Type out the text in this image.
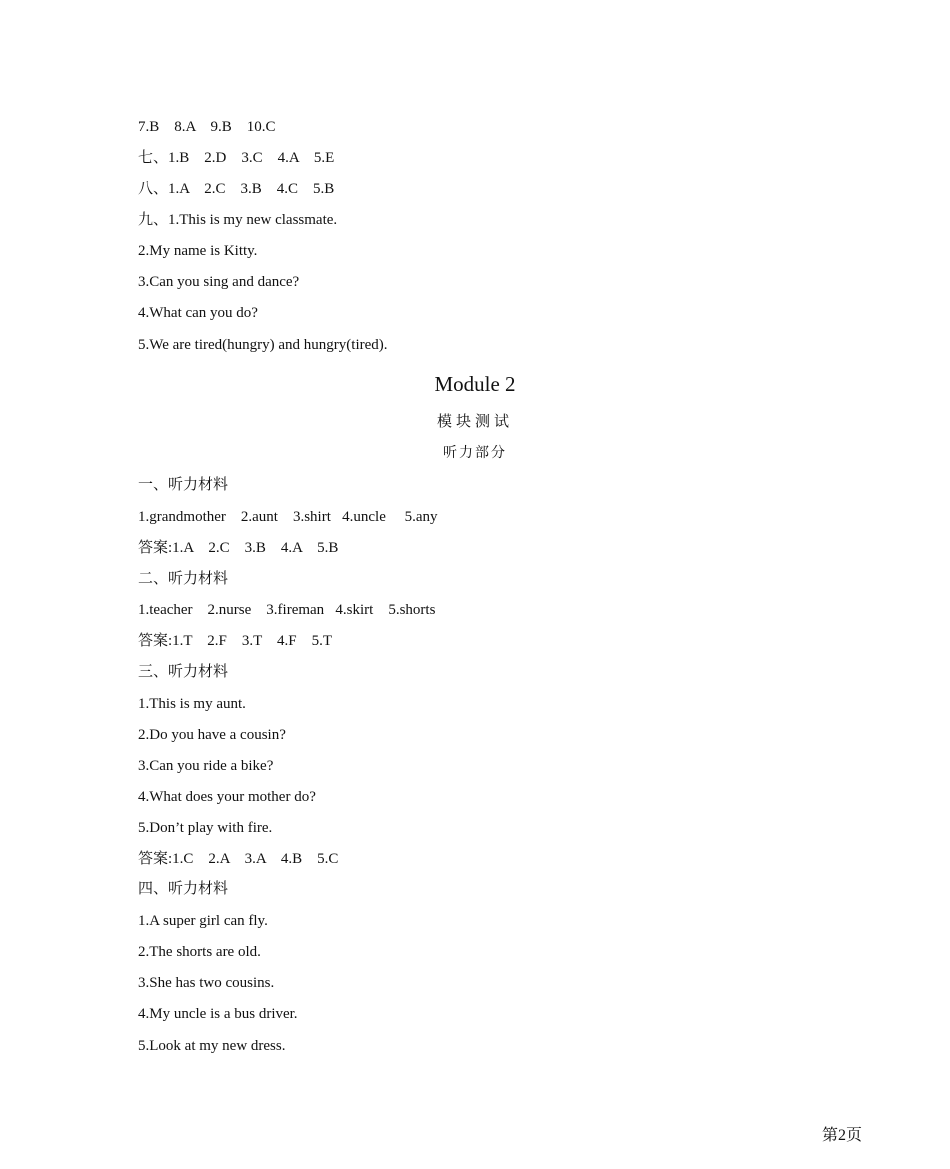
7.B    8.A    9.B    10.C
七、1.B    2.D    3.C    4.A    5.E
八、1.A    2.C    3.B    4.C    5.B
九、1.This is my new classmate.
2.My name is Kitty.
3.Can you sing and dance?
4.What can you do?
5.We are tired(hungry) and hungry(tired).
Module 2
模块测试
听力部分
一、听力材料
1.grandmother    2.aunt    3.shirt   4.uncle     5.any
答案:1.A    2.C    3.B    4.A    5.B
二、听力材料
1.teacher    2.nurse    3.fireman   4.skirt    5.shorts
答案:1.T    2.F    3.T    4.F    5.T
三、听力材料
1.This is my aunt.
2.Do you have a cousin?
3.Can you ride a bike?
4.What does your mother do?
5.Don’t play with fire.
答案:1.C    2.A    3.A    4.B    5.C
四、听力材料
1.A super girl can fly.
2.The shorts are old.
3.She has two cousins.
4.My uncle is a bus driver.
5.Look at my new dress.
第2页
